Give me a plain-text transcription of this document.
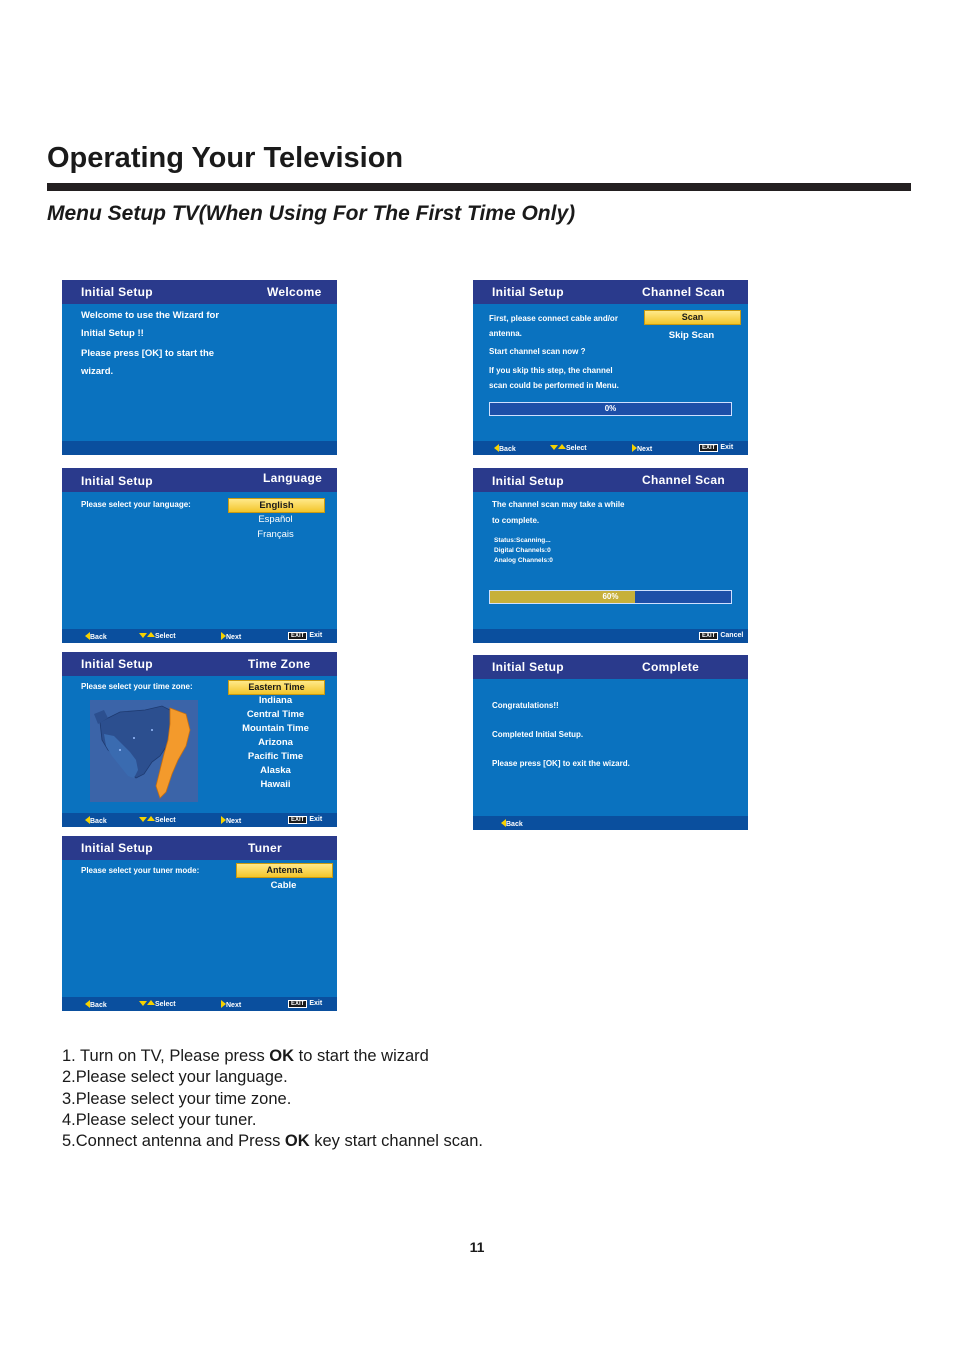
Operating Your Television
Menu Setup TV(When Using For The First Time Only)
Initial Setup	Welcome
Welcome to use the Wizard for
Initial Setup !!
Please press [OK] to start the
wizard.
Initial Setup	Language
Please select your language:	English
Español
Français
Back	Select	Next	EXIT Exit
Initial Setup	Time Zone
Please select your time zone:	Eastern Time
Indiana
Central Time
Mountain Time
Arizona
Pacific Time
Alaska
Hawaii
Back	Select	Next	EXIT Exit
Initial Setup	Tuner
Please select your tuner mode:	Antenna
Cable
Back	Select	Next	EXIT Exit
Initial Setup	Channel Scan
First, please connect cable and/or
antenna.
Start channel scan now ?
If you skip this step, the channel
scan could be performed in Menu.
Scan
Skip Scan
0%
Back	Select	Next	EXIT Exit
Initial Setup	Channel Scan
The channel scan may take a while
to complete.
Status:Scanning...
Digital Channels:0
Analog Channels:0
60%
EXIT Cancel
Initial Setup	Complete
Congratulations!!
Completed Initial Setup.
Please press [OK] to exit the wizard.
Back
1. Turn on TV, Please press OK to start the wizard
2.Please select your language.
3.Please select your time zone.
4.Please select your tuner.
5.Connect antenna and Press OK key start channel scan.
11
